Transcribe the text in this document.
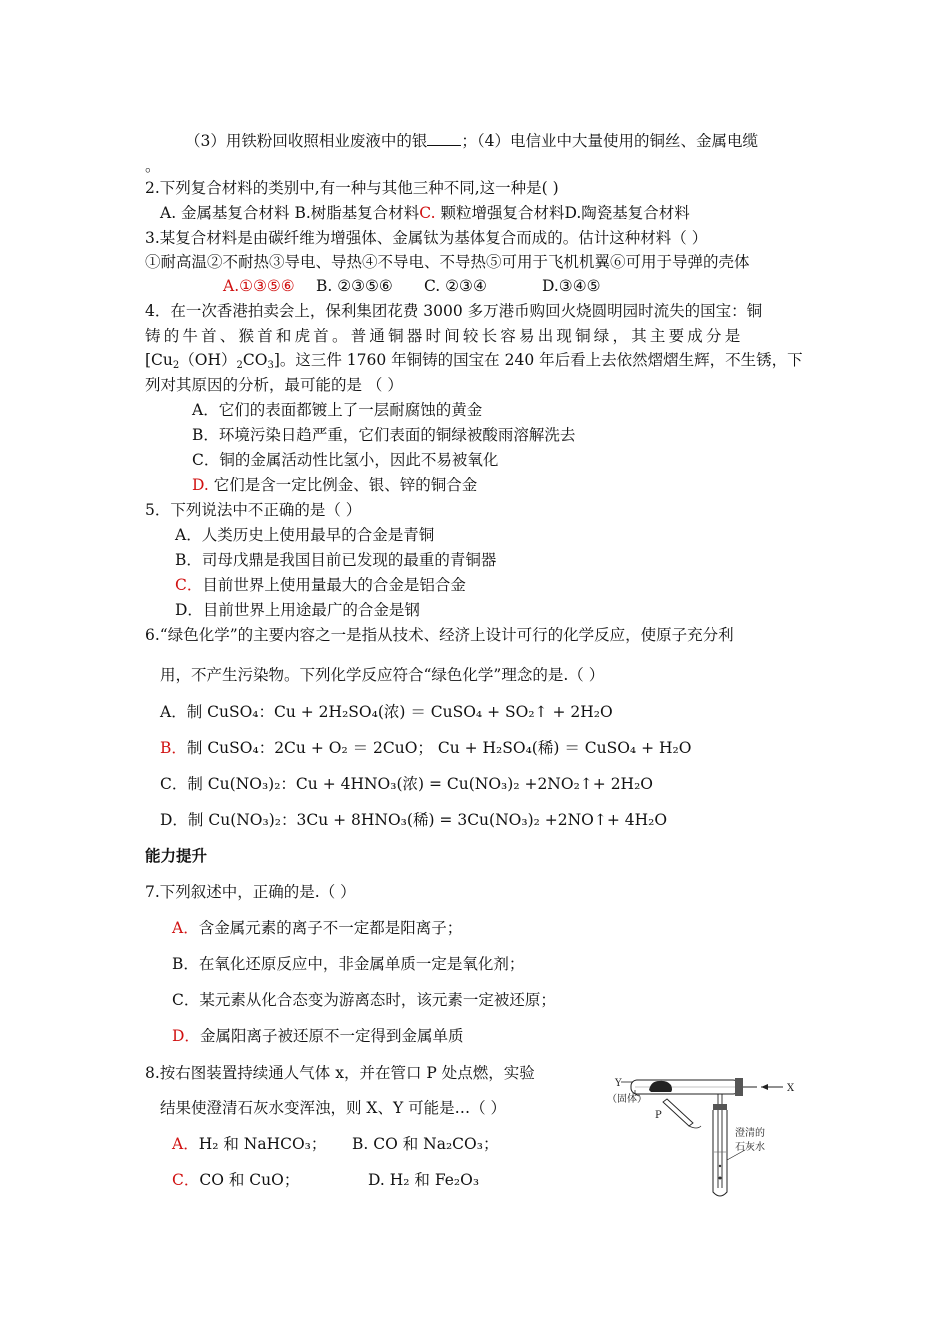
（3）用铁粉回收照相业废液中的银 ；（4）电信业中大量使用的铜丝、金属电缆
。
2.下列复合材料的类别中,有一种与其他三种不同,这一种是( )
A. 金属基复合材料 B.树脂基复合材料C. 颗粒增强复合材料D.陶瓷基复合材料
3.某复合材料是由碳纤维为增强体、金属钛为基体复合而成的。估计这种材料（ ）
①耐高温②不耐热③导电、导热④不导电、不导热⑤可用于飞机机翼⑥可用于导弹的壳体
A.①③⑤⑥ B. ②③⑤⑥ C. ②③④	D.③④⑤
4．在一次香港拍卖会上，保利集团花费 3000 多万港币购回火烧圆明园时流失的国宝：铜
铸的牛首、猴首和虎首。普通铜器时间较长容易出现铜绿，其主要成分是
$[Cu_2(OH)_2CO_3]$。这三件 1760 年铜铸的国宝在 240 年后看上去依然熠熠生辉，不生锈，下
列对其原因的分析，最可能的是 （ ）
A．它们的表面都镀上了一层耐腐蚀的黄金
B．环境污染日趋严重，它们表面的铜绿被酸雨溶解洗去
C．铜的金属活动性比氢小，因此不易被氧化
D. 它们是含一定比例金、银、锌的铜合金
5．下列说法中不正确的是（ ）
A．人类历史上使用最早的合金是青铜
B．司母戊鼎是我国目前已发现的最重的青铜器
C．目前世界上使用量最大的合金是铝合金
D．目前世界上用途最广的合金是钢
6.“绿色化学”的主要内容之一是指从技术、经济上设计可行的化学反应，使原子充分利
用，不产生污染物。下列化学反应符合“绿色化学”理念的是.（ ）
A．制 CuSO₄：Cu + 2H₂SO₄(浓) ＝ CuSO₄ + SO₂↑ + 2H₂O
B．制 CuSO₄：2Cu + O₂ ＝ 2CuO； Cu + H₂SO₄(稀) ＝ CuSO₄ + H₂O
C．制 Cu(NO₃)₂：Cu + 4HNO₃(浓) = Cu(NO₃)₂ +2NO₂↑+ 2H₂O
D．制 Cu(NO₃)₂：3Cu + 8HNO₃(稀) = 3Cu(NO₃)₂ +2NO↑+ 4H₂O
能力提升
7.下列叙述中，正确的是.（ ）
A．含金属元素的离子不一定都是阳离子；
B．在氧化还原反应中，非金属单质一定是氧化剂；
C．某元素从化合态变为游离态时，该元素一定被还原；
D．金属阳离子被还原不一定得到金属单质
8.按右图装置持续通人气体 x，并在管口 P 处点燃，实验
结果使澄清石灰水变浑浊，则 X、Y 可能是…（ ）
A．H₂ 和 NaHCO₃； B. CO 和 Na₂CO₃；
C．CO 和 CuO；	D. H₂ 和 Fe₂O₃
X
Y
（固体）
P
澄清的
石灰水
